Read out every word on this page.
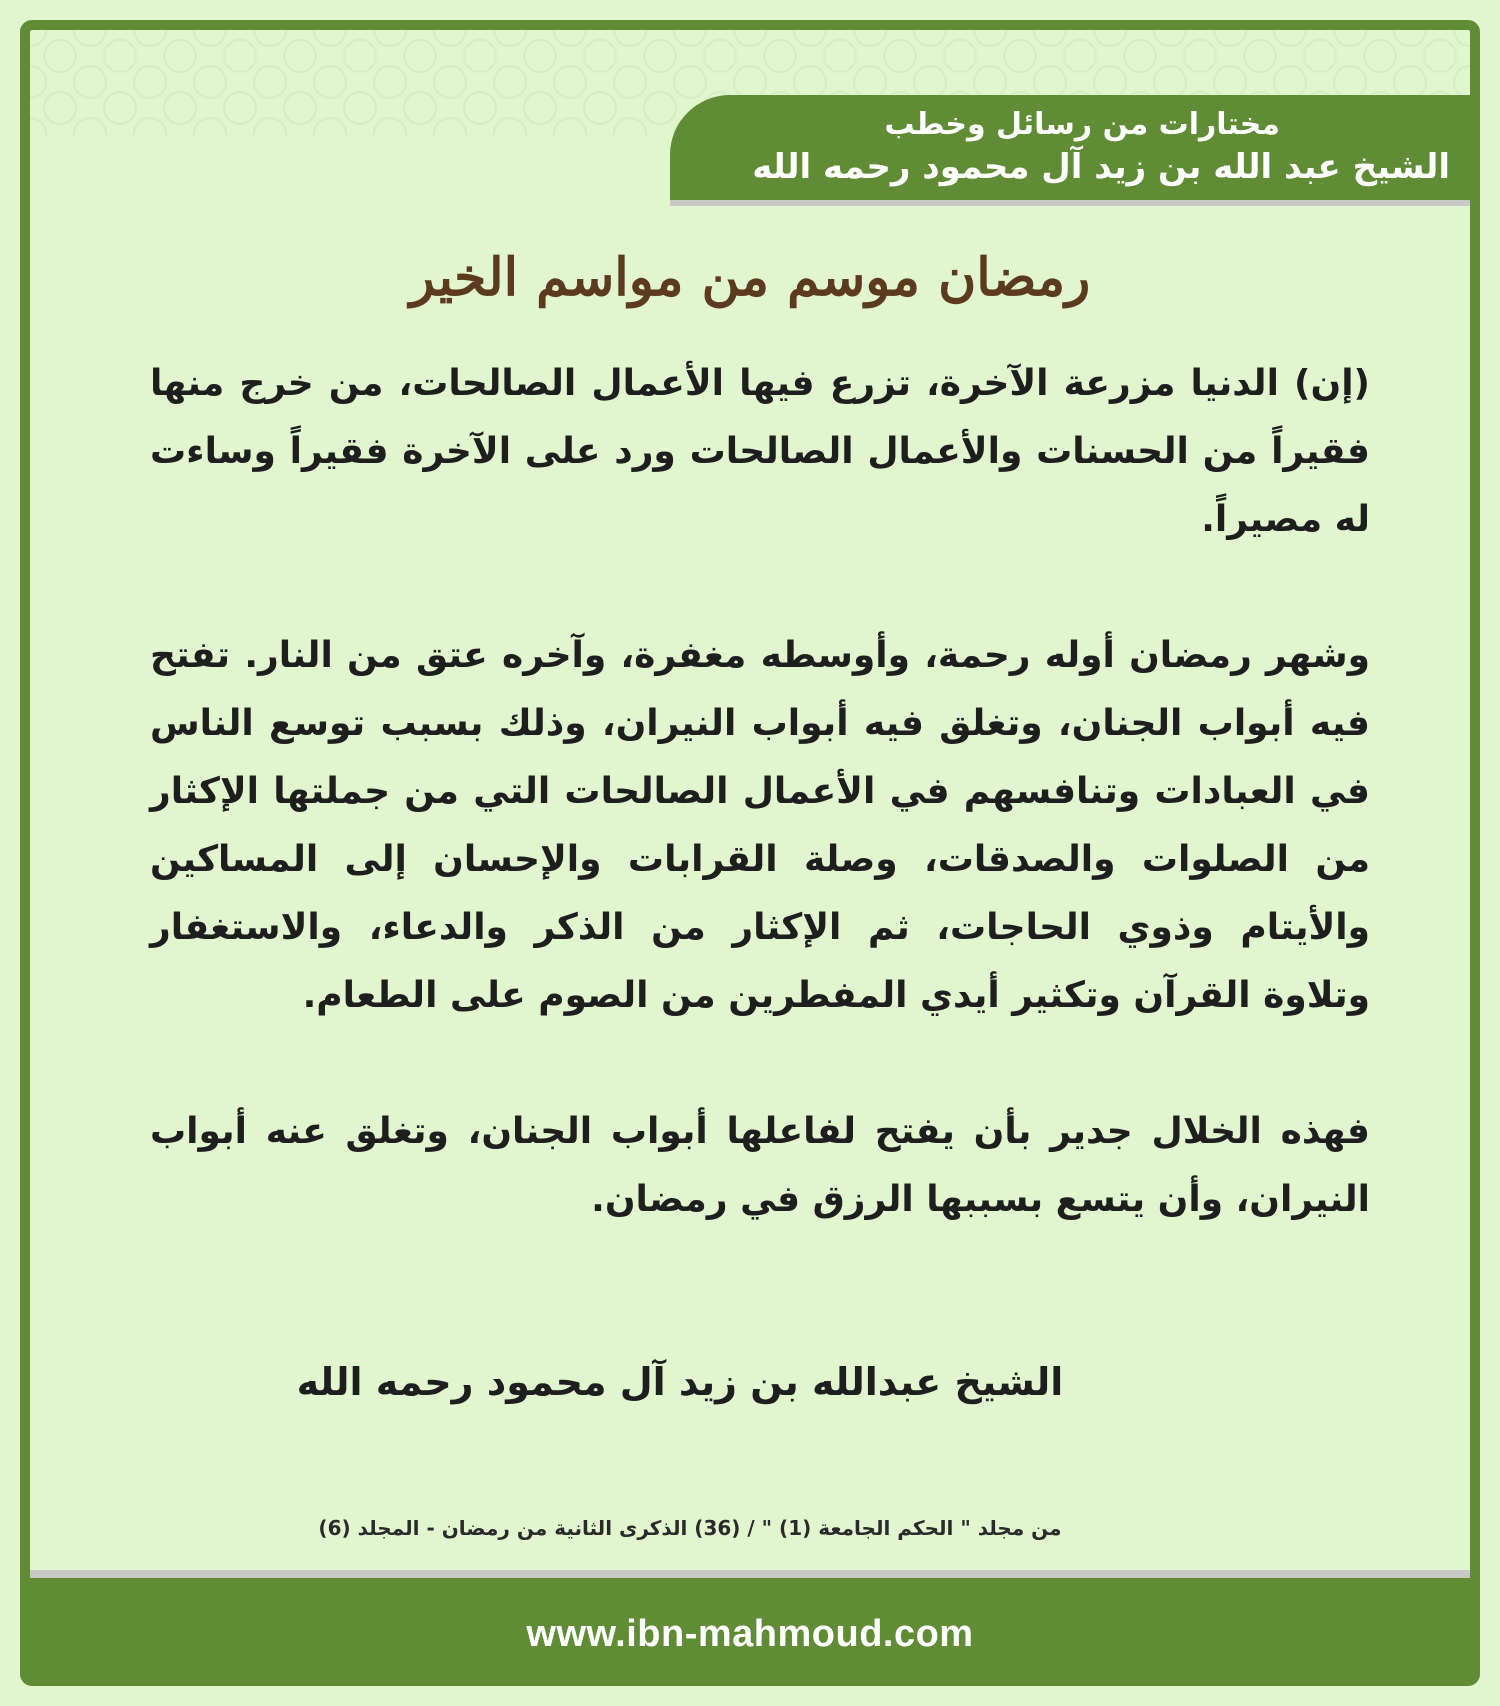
مختارات من رسائل وخطب
الشيخ عبد الله بن زيد آل محمود رحمه الله
رمضان موسم من مواسم الخير

(إن) الدنيا مزرعة الآخرة، تزرع فيها الأعمال الصالحات، من خرج منها فقيراً من الحسنات والأعمال الصالحات ورد على الآخرة فقيراً وساءت له مصيراً.

وشهر رمضان أوله رحمة، وأوسطه مغفرة، وآخره عتق من النار. تفتح فيه أبواب الجنان، وتغلق فيه أبواب النيران، وذلك بسبب توسع الناس في العبادات وتنافسهم في الأعمال الصالحات التي من جملتها الإكثار من الصلوات والصدقات، وصلة القرابات والإحسان إلى المساكين والأيتام وذوي الحاجات، ثم الإكثار من الذكر والدعاء، والاستغفار وتلاوة القرآن وتكثير أيدي المفطرين من الصوم على الطعام.

فهذه الخلال جدير بأن يفتح لفاعلها أبواب الجنان، وتغلق عنه أبواب النيران، وأن يتسع بسببها الرزق في رمضان.

الشيخ عبدالله بن زيد آل محمود رحمه الله
من مجلد " الحكم الجامعة (1) " / (36) الذكرى الثانية من رمضان - المجلد (6)
www.ibn-mahmoud.com
